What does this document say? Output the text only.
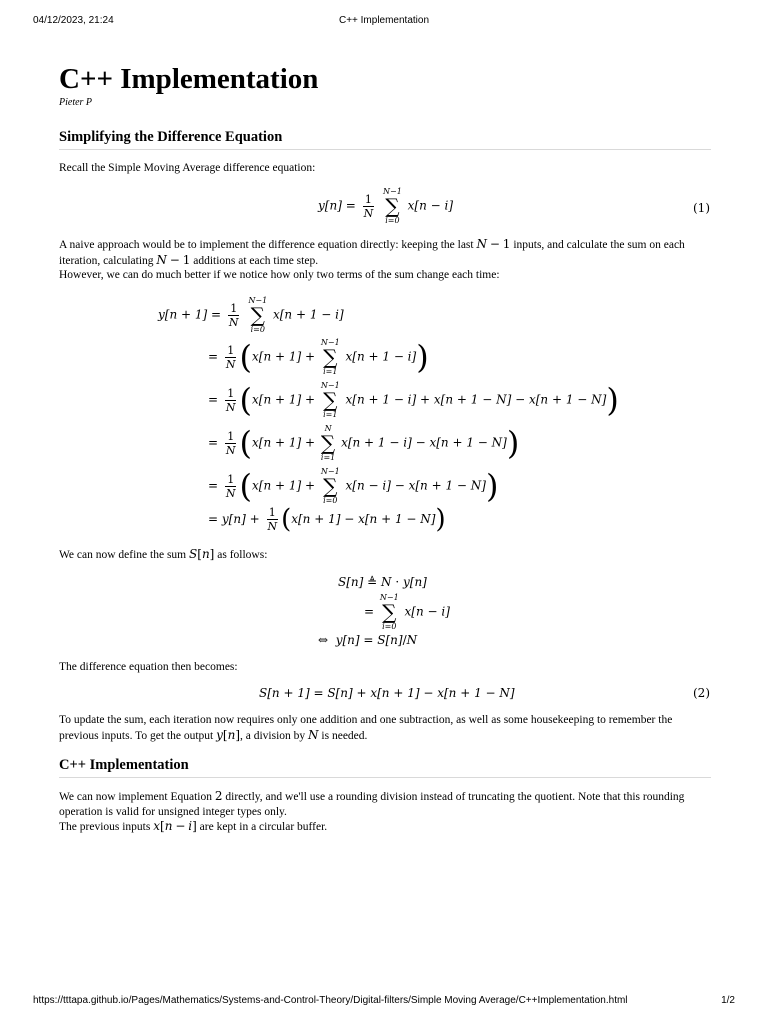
04/12/2023, 21:24	C++ Implementation
C++ Implementation
Pieter P
Simplifying the Difference Equation

Recall the Simple Moving Average difference equation:

$y[n] = \frac{1}{N}$

N−1
∑
i=0
x[n − i]	(1)

A naive approach would be to implement the difference equation directly: keeping the last N − 1 inputs, and calculate the sum on each iteration, calculating N − 1 additions at each time step.
However, we can do much better if we notice how only two terms of the sum change each time:

$y[n + 1] = \frac{1}{N}$

N−1
∑
i=0
x[n + 1 − i]
= $\frac{1}{N} (x[n + 1]$ +
N−1
∑
i=1
x[n + 1 − i])
= $\frac{1}{N} (x[n + 1]$ +
N−1
∑
i=1
x[n + 1 − i] + x[n + 1 − N] − x[n + 1 − N])
= $\frac{1}{N} (x[n + 1]$ +
N
∑
i=1
x[n + 1 − i] − x[n + 1 − N])
= $\frac{1}{N} (x[n + 1]$ +
N−1
∑
i=0
x[n − i] − x[n + 1 − N])
= $y[n] + \frac{1}{N} (x[n + 1] - x[n + 1 - N])$

We can now define the sum S[n] as follows:

S[n] ≜ N · y[n]
=
N−1
∑
i=0
x[n − i]
⇔  y[n] = S[n]/N

The difference equation then becomes:

S[n + 1] = S[n] + x[n + 1] − x[n + 1 − N]	(2)

To update the sum, each iteration now requires only one addition and one subtraction, as well as some housekeeping to remember the previous inputs. To get the output y[n], a division by N is needed.

C++ Implementation

We can now implement Equation 2 directly, and we'll use a rounding division instead of truncating the quotient. Note that this rounding operation is valid for unsigned integer types only.
The previous inputs x[n − i] are kept in a circular buffer.

https://tttapa.github.io/Pages/Mathematics/Systems-and-Control-Theory/Digital-filters/Simple Moving Average/C++Implementation.html	1/2
